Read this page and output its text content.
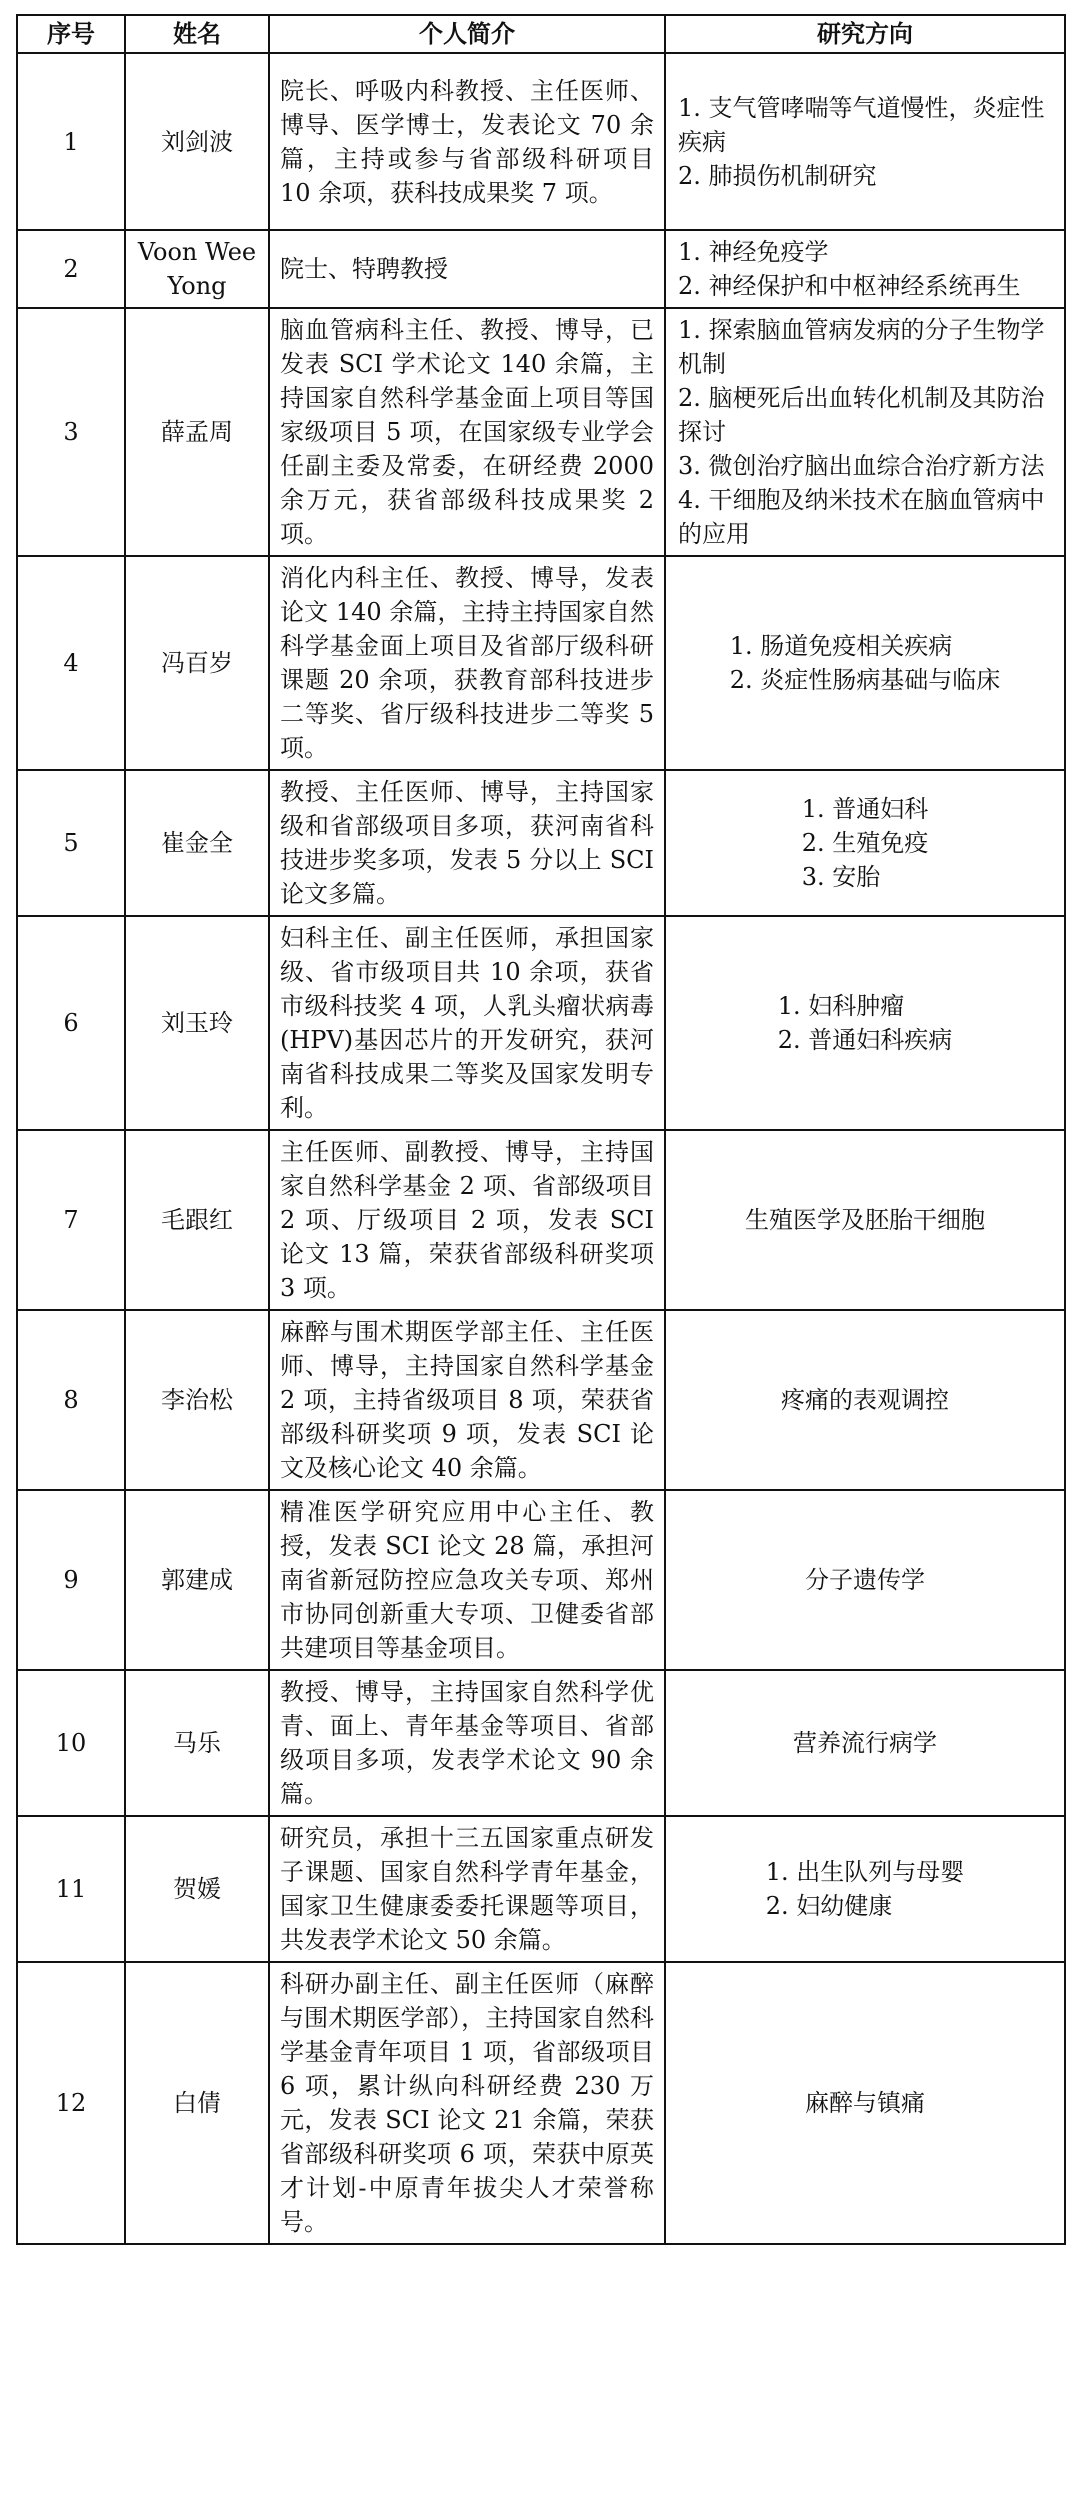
序号	姓名	个人简介	研究方向
1	刘剑波	院长、呼吸内科教授、主任医师、博导、医学博士，发表论文 70 余篇，主持或参与省部级科研项目 10 余项，获科技成果奖 7 项。	1. 支气管哮喘等气道慢性，炎症性疾病
2. 肺损伤机制研究

2	Voon Wee Yong	院士、特聘教授	1. 神经免疫学
2. 神经保护和中枢神经系统再生

3	薛孟周	脑血管病科主任、教授、博导，已发表 SCI 学术论文 140 余篇，主持国家自然科学基金面上项目等国家级项目 5 项，在国家级专业学会任副主委及常委，在研经费 2000 余万元，获省部级科技成果奖 2 项。	1. 探索脑血管病发病的分子生物学机制
2. 脑梗死后出血转化机制及其防治探讨
3. 微创治疗脑出血综合治疗新方法
4. 干细胞及纳米技术在脑血管病中的应用

4	冯百岁	消化内科主任、教授、博导，发表论文 140 余篇，主持主持国家自然科学基金面上项目及省部厅级科研课题 20 余项，获教育部科技进步二等奖、省厅级科技进步二等奖 5 项。	1. 肠道免疫相关疾病
2. 炎症性肠病基础与临床

5	崔金全	教授、主任医师、博导，主持国家级和省部级项目多项，获河南省科技进步奖多项，发表 5 分以上 SCI 论文多篇。	1. 普通妇科
2. 生殖免疫
3. 安胎

6	刘玉玲	妇科主任、副主任医师，承担国家级、省市级项目共 10 余项，获省市级科技奖 4 项，人乳头瘤状病毒(HPV)基因芯片的开发研究，获河南省科技成果二等奖及国家发明专利。	1. 妇科肿瘤
2. 普通妇科疾病

7	毛跟红	主任医师、副教授、博导，主持国家自然科学基金 2 项、省部级项目 2 项、厅级项目 2 项，发表 SCI 论文 13 篇，荣获省部级科研奖项 3 项。	生殖医学及胚胎干细胞

8	李治松	麻醉与围术期医学部主任、主任医师、博导，主持国家自然科学基金 2 项，主持省级项目 8 项，荣获省部级科研奖项 9 项，发表 SCI 论文及核心论文 40 余篇。	疼痛的表观调控

9	郭建成	精准医学研究应用中心主任、教授，发表 SCI 论文 28 篇，承担河南省新冠防控应急攻关专项、郑州市协同创新重大专项、卫健委省部共建项目等基金项目。	分子遗传学

10	马乐	教授、博导，主持国家自然科学优青、面上、青年基金等项目、省部级项目多项，发表学术论文 90 余篇。	营养流行病学

11	贺媛	研究员，承担十三五国家重点研发子课题、国家自然科学青年基金，国家卫生健康委委托课题等项目，共发表学术论文 50 余篇。	1. 出生队列与母婴
2. 妇幼健康

12	白倩	科研办副主任、副主任医师（麻醉与围术期医学部），主持国家自然科学基金青年项目 1 项，省部级项目 6 项，累计纵向科研经费 230 万元，发表 SCI 论文 21 余篇，荣获省部级科研奖项 6 项，荣获中原英才计划-中原青年拔尖人才荣誉称号。	麻醉与镇痛
